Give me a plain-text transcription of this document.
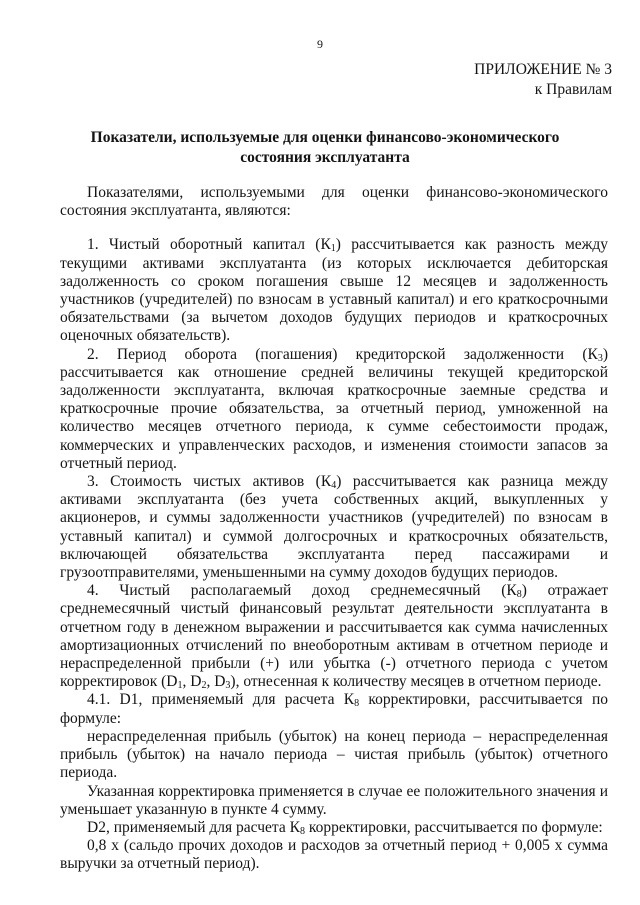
9
ПРИЛОЖЕНИЕ № 3
к Правилам
Показатели, используемые для оценки финансово-экономического состояния эксплуатанта

Показателями, используемыми для оценки финансово-экономического состояния эксплуатанта, являются:

1. Чистый оборотный капитал $(К_1)$ рассчитывается как разность между текущими активами эксплуатанта (из которых исключается дебиторская задолженность со сроком погашения свыше 12 месяцев и задолженность участников (учредителей) по взносам в уставный капитал) и его краткосрочными обязательствами (за вычетом доходов будущих периодов и краткосрочных оценочных обязательств).

2. Период оборота (погашения) кредиторской задолженности $(К_3)$ рассчитывается как отношение средней величины текущей кредиторской задолженности эксплуатанта, включая краткосрочные заемные средства и краткосрочные прочие обязательства, за отчетный период, умноженной на количество месяцев отчетного периода, к сумме себестоимости продаж, коммерческих и управленческих расходов, и изменения стоимости запасов за отчетный период.

3. Стоимость чистых активов $(К_4)$ рассчитывается как разница между активами эксплуатанта (без учета собственных акций, выкупленных у акционеров, и суммы задолженности участников (учредителей) по взносам в уставный капитал) и суммой долгосрочных и краткосрочных обязательств, включающей обязательства эксплуатанта перед пассажирами и грузоотправителями, уменьшенными на сумму доходов будущих периодов.

4. Чистый располагаемый доход среднемесячный $(К_8)$ отражает среднемесячный чистый финансовый результат деятельности эксплуатанта в отчетном году в денежном выражении и рассчитывается как сумма начисленных амортизационных отчислений по внеоборотным активам в отчетном периоде и нераспределенной прибыли (+) или убытка (-) отчетного периода с учетом корректировок ($D_1$, $D_2$, $D_3$), отнесенная к количеству месяцев в отчетном периоде.

4.1. D1, применяемый для расчета $К_8$ корректировки, рассчитывается по формуле:

нераспределенная прибыль (убыток) на конец периода – нераспределенная прибыль (убыток) на начало периода – чистая прибыль (убыток) отчетного периода.

Указанная корректировка применяется в случае ее положительного значения и уменьшает указанную в пункте 4 сумму.

D2, применяемый для расчета $К_8$ корректировки, рассчитывается по формуле:

0,8 х (сальдо прочих доходов и расходов за отчетный период + 0,005 х сумма выручки за отчетный период).
